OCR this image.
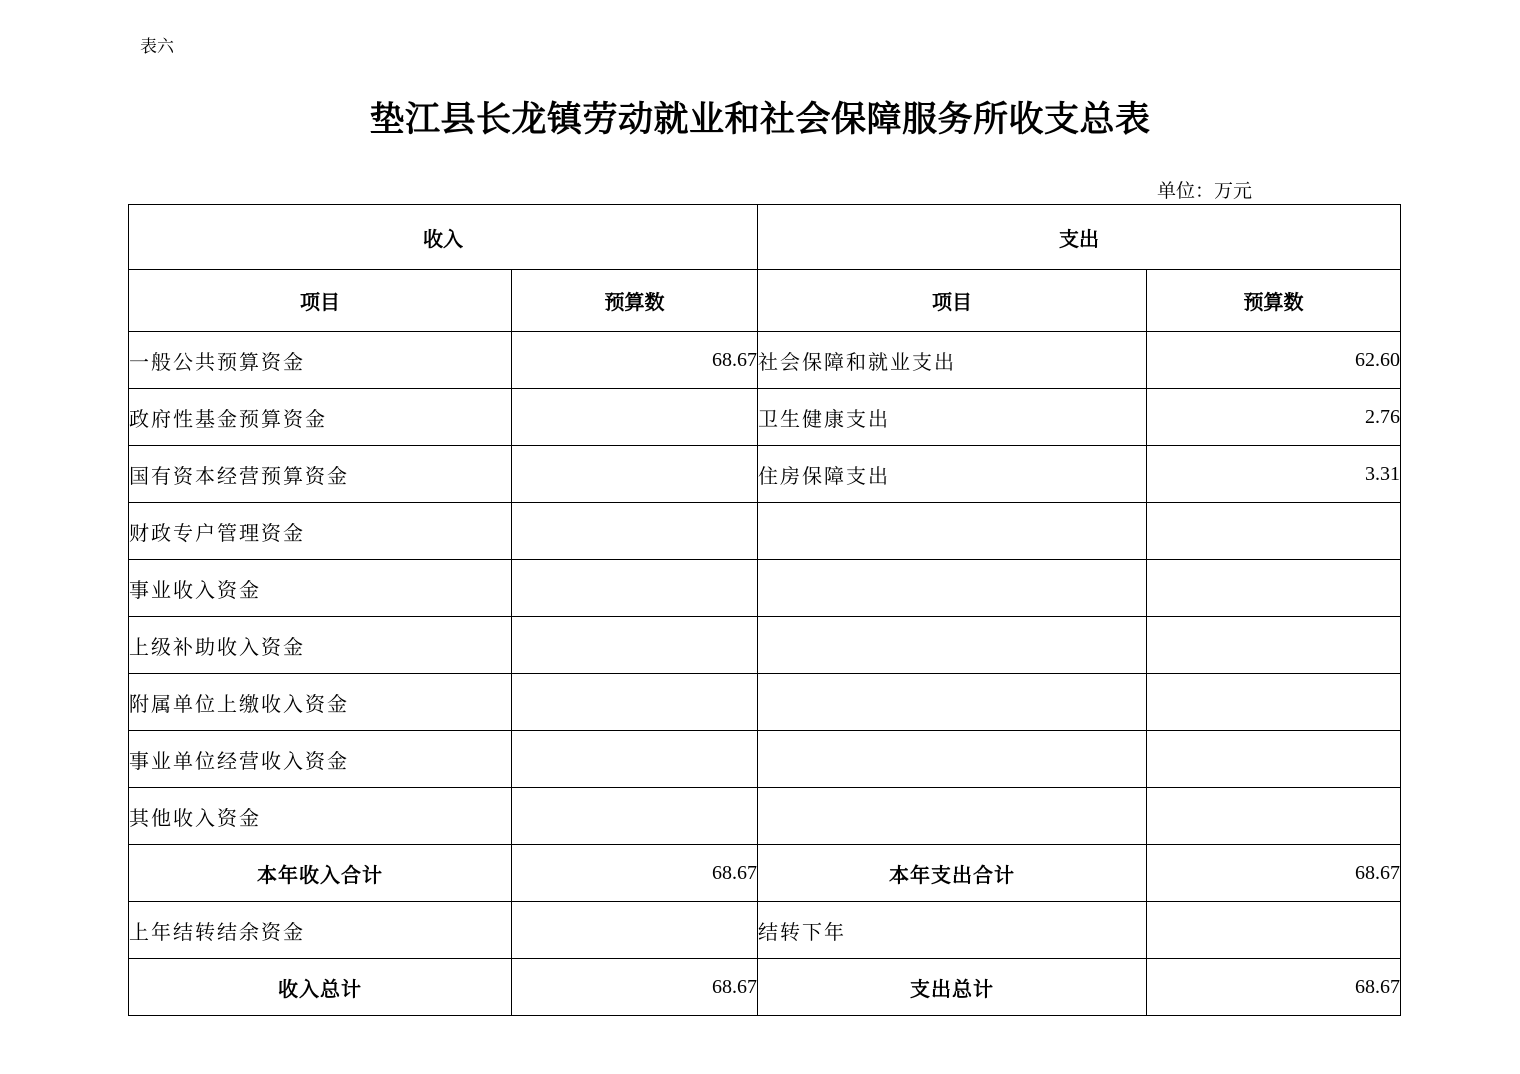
表六
垫江县长龙镇劳动就业和社会保障服务所收支总表
单位：万元
收入		支出	
项目	预算数	项目	预算数
一般公共预算资金	68.67	社会保障和就业支出	62.60
政府性基金预算资金		卫生健康支出	2.76
国有资本经营预算资金		住房保障支出	3.31
财政专户管理资金			
事业收入资金			
上级补助收入资金			
附属单位上缴收入资金			
事业单位经营收入资金			
其他收入资金			
本年收入合计	68.67	本年支出合计	68.67
上年结转结余资金		结转下年	
收入总计	68.67	支出总计	68.67
